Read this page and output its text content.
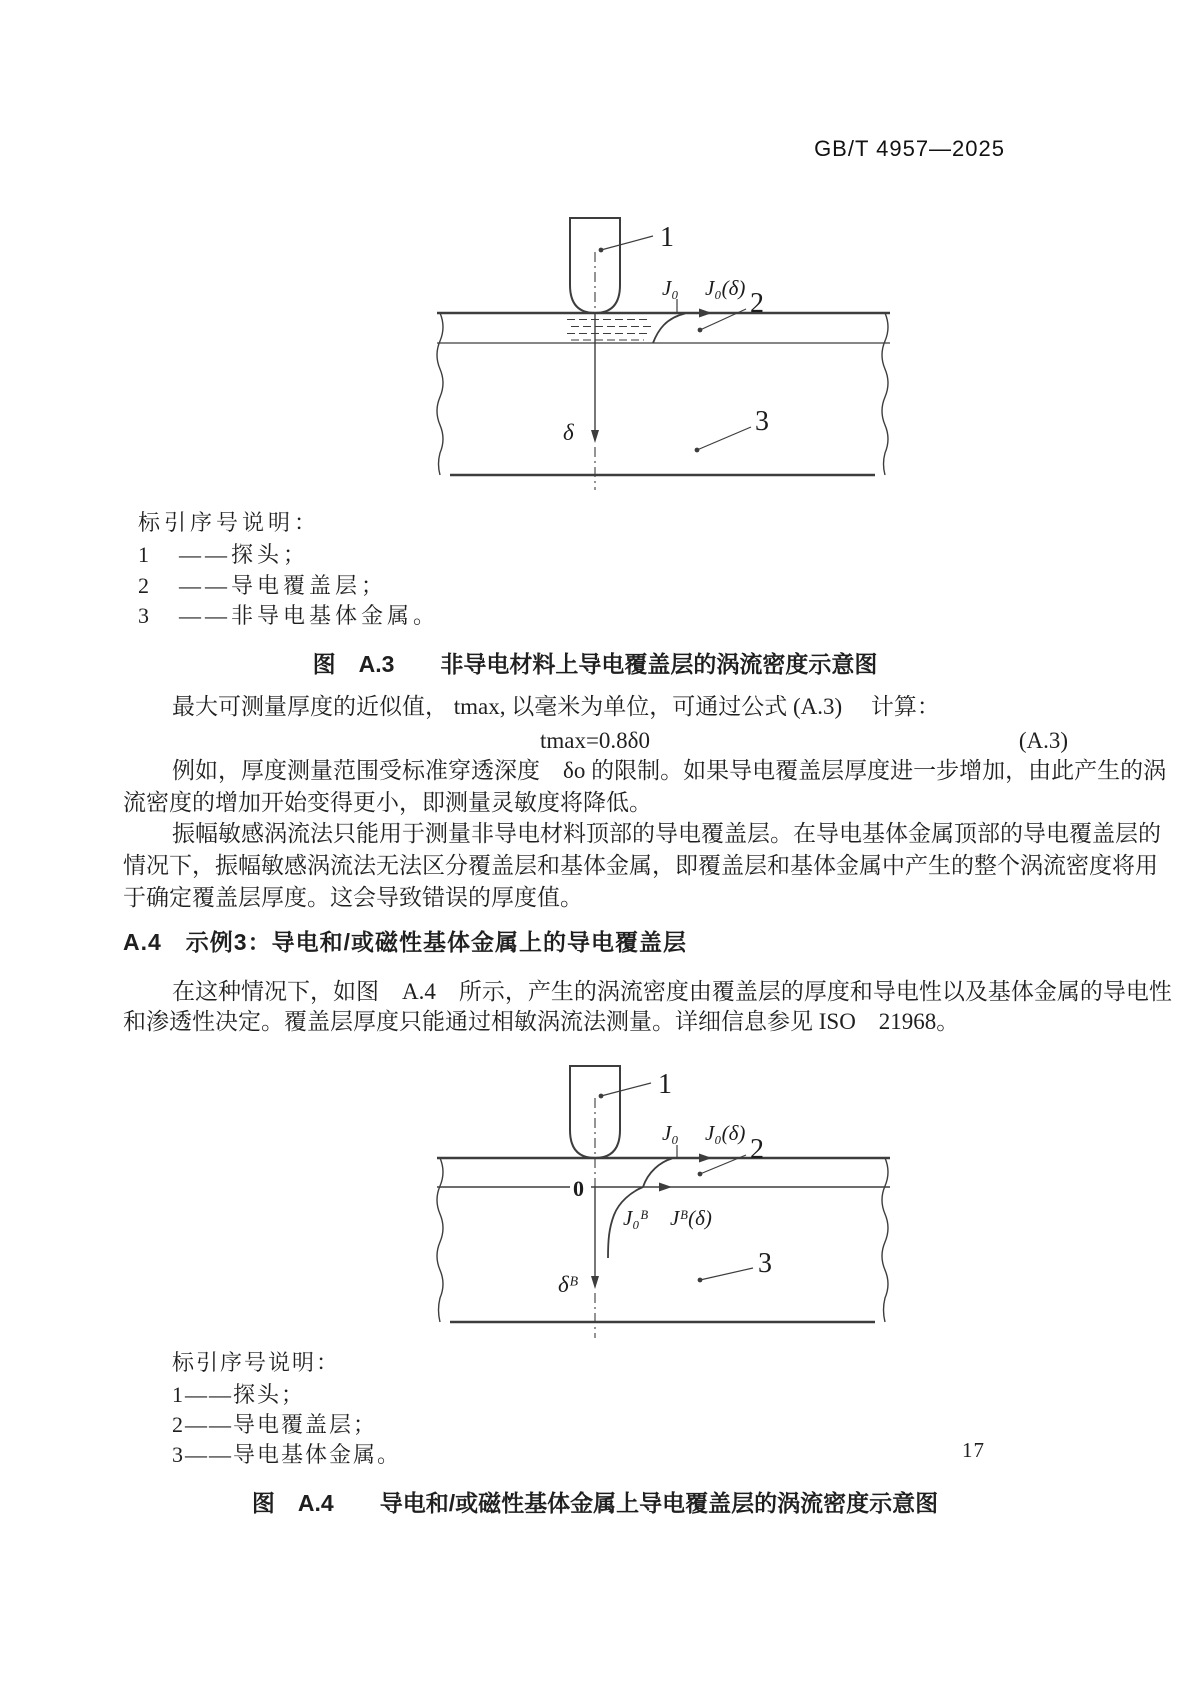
GB/T 4957—2025
1
J₀ J₀(δ) 2
δ	3
标引序号说明：
1　——探头；
2　——导电覆盖层；
3　——非导电基体金属。
图　A.3　　非导电材料上导电覆盖层的涡流密度示意图
最大可测量厚度的近似值， tmax, 以毫米为单位，可通过公式 (A.3)　 计算：
tmax=0.8δ0	(A.3)
例如，厚度测量范围受标准穿透深度　δo 的限制。如果导电覆盖层厚度进一步增加，由此产生的涡
流密度的增加开始变得更小，即测量灵敏度将降低。
振幅敏感涡流法只能用于测量非导电材料顶部的导电覆盖层。在导电基体金属顶部的导电覆盖层的
情况下，振幅敏感涡流法无法区分覆盖层和基体金属，即覆盖层和基体金属中产生的整个涡流密度将用
于确定覆盖层厚度。这会导致错误的厚度值。
A.4　示例3：导电和/或磁性基体金属上的导电覆盖层
在这种情况下，如图　A.4　所示，产生的涡流密度由覆盖层的厚度和导电性以及基体金属的导电性
和渗透性决定。覆盖层厚度只能通过相敏涡流法测量。详细信息参见 ISO　21968。
0
1
J₀ J₀(δ)
2
J₀ᴮ Jᴮ(δ)
δᴮ
3
标引序号说明：
1——探头；
2——导电覆盖层；
3——导电基体金属。
图　A.4　　导电和/或磁性基体金属上导电覆盖层的涡流密度示意图
17
